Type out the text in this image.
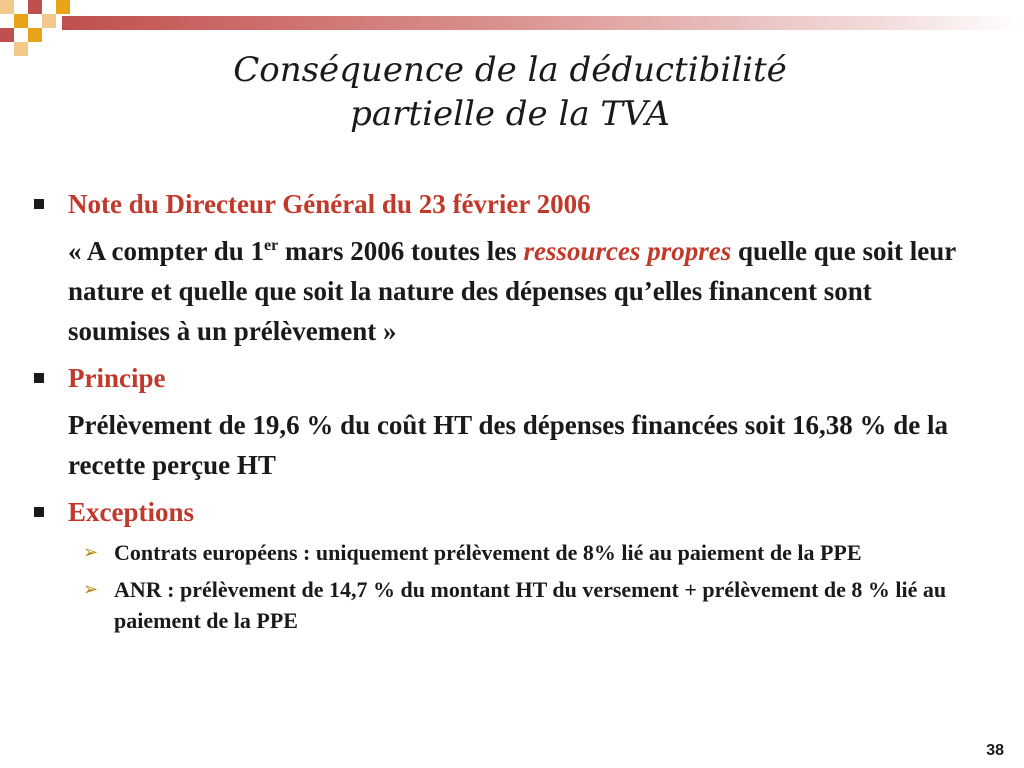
Conséquence de la déductibilité
partielle de la TVA
Note du Directeur Général du 23 février 2006
« A compter du 1er mars 2006 toutes les ressources propres quelle que soit leur nature et quelle que soit la nature des dépenses qu’elles financent sont soumises à un prélèvement »
Principe
Prélèvement de 19,6 % du coût HT des dépenses financées soit 16,38 % de la recette perçue HT
Exceptions
➢ Contrats européens : uniquement prélèvement de 8% lié au paiement de la PPE
➢ ANR : prélèvement de 14,7 % du montant HT du versement + prélèvement de 8 % lié au paiement de la PPE
38
